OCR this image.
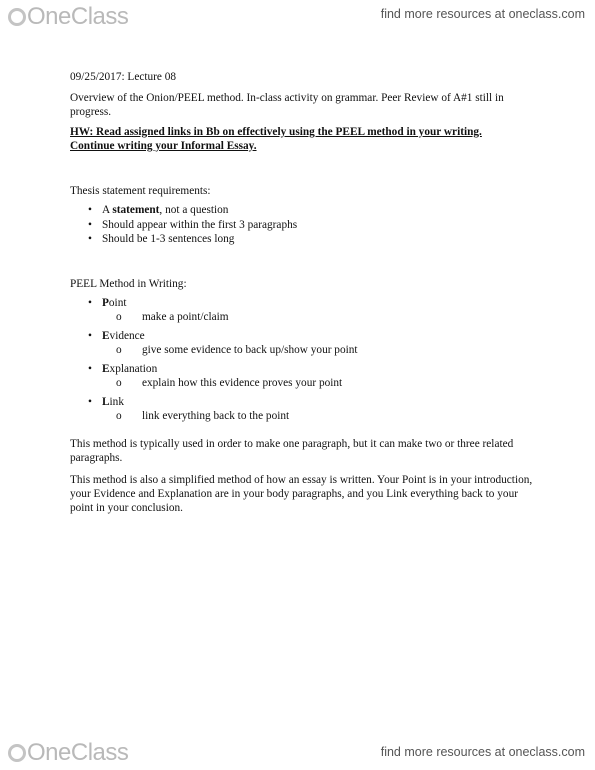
OneClass	find more resources at oneclass.com

09/25/2017: Lecture 08

Overview of the Onion/PEEL method. In-class activity on grammar. Peer Review of A#1 still in progress.

HW: Read assigned links in Bb on effectively using the PEEL method in your writing.
Continue writing your Informal Essay.

Thesis statement requirements:

• A statement, not a question
• Should appear within the first 3 paragraphs
• Should be 1-3 sentences long

PEEL Method in Writing:

• Point
o make a point/claim
• Evidence
o give some evidence to back up/show your point
• Explanation
o explain how this evidence proves your point
• Link
o link everything back to the point

This method is typically used in order to make one paragraph, but it can make two or three related paragraphs.

This method is also a simplified method of how an essay is written. Your Point is in your introduction, your Evidence and Explanation are in your body paragraphs, and you Link everything back to your point in your conclusion.

OneClass	find more resources at oneclass.com
